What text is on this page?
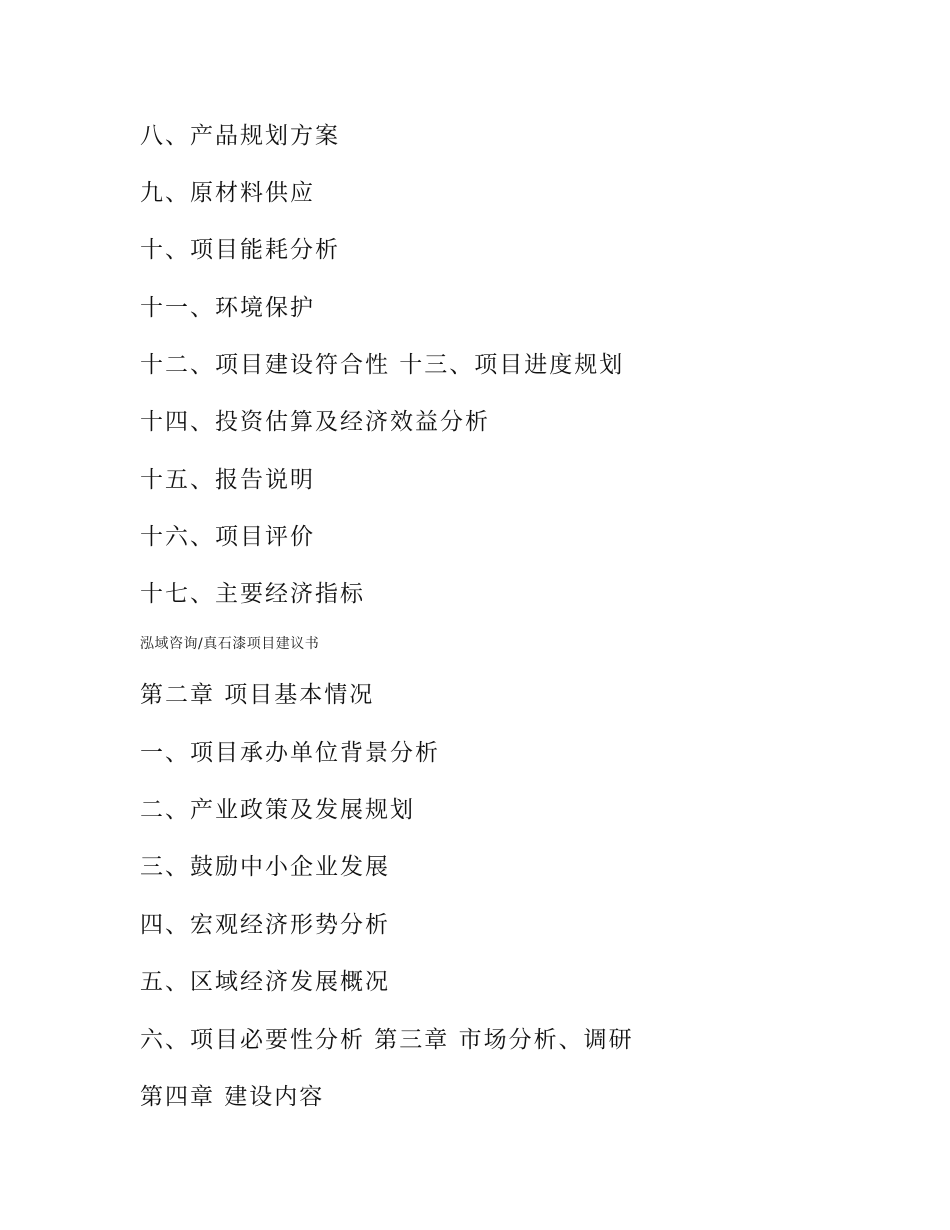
八、产品规划方案
九、原材料供应
十、项目能耗分析
十一、环境保护
十二、项目建设符合性 十三、项目进度规划
十四、投资估算及经济效益分析
十五、报告说明
十六、项目评价
十七、主要经济指标
泓域咨询/真石漆项目建议书
第二章 项目基本情况
一、项目承办单位背景分析
二、产业政策及发展规划
三、鼓励中小企业发展
四、宏观经济形势分析
五、区域经济发展概况
六、项目必要性分析 第三章 市场分析、调研
第四章 建设内容
